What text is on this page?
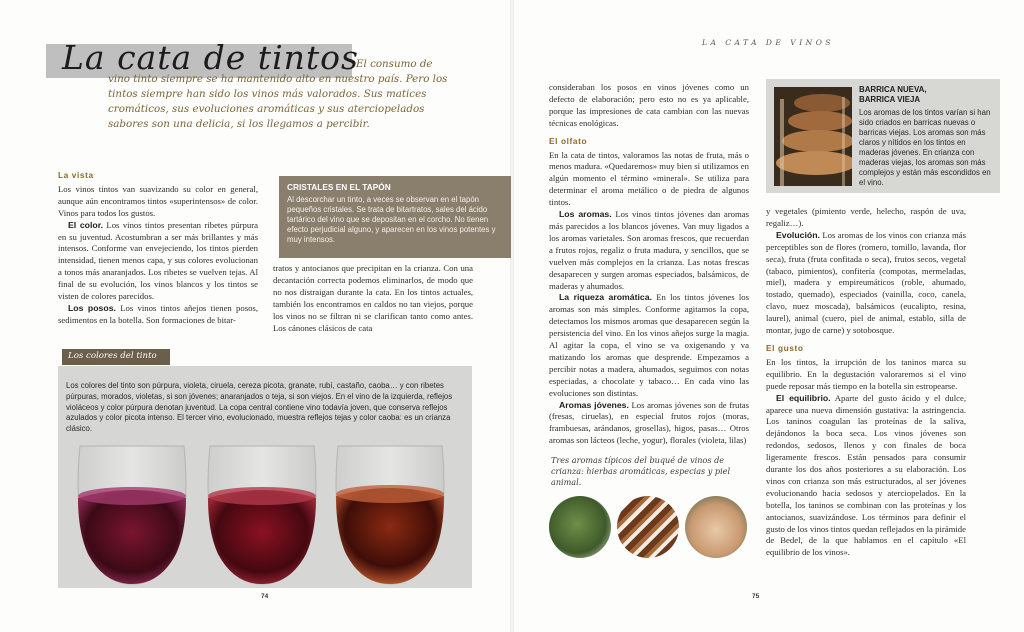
La cata de tintos
El consumo de vino tinto siempre se ha mantenido alto en nuestro país. Pero los tintos siempre han sido los vinos más valorados. Sus matices cromáticos, sus evoluciones aromáticas y sus aterciopelados sabores son una delicia, si los llegamos a percibir.
La vista

Los vinos tintos van suavizando su color en general, aunque aún encontramos tintos «superintensos» de color. Vinos para todos los gustos.

El color. Los vinos tintos presentan ribetes púrpura en su juventud. Acostumbran a ser más brillantes y más intensos. Conforme van envejeciendo, los tintos pierden intensidad, tienen menos capa, y sus colores evolucionan a tonos más anaranjados. Los ribetes se vuelven tejas. Al final de su evolución, los vinos blancos y los tintos se visten de colores parecidos.

Los posos. Los vinos tintos añejos tienen posos, sedimentos en la botella. Son formaciones de bitar-

CRISTALES EN EL TAPÓN
Al descorchar un tinto, a veces se observan en el tapón pequeños cristales. Se trata de bitartratos, sales del ácido tartárico del vino que se depositan en el corcho. No tienen efecto perjudicial alguno, y aparecen en los vinos potentes y muy intensos.

tratos y antocianos que precipitan en la crianza. Con una decantación correcta podemos eliminarlos, de modo que no nos distraigan durante la cata. En los tintos actuales, también los encontramos en caldos no tan viejos, porque los vinos no se filtran ni se clarifican tanto como antes. Los cánones clásicos de cata

Los colores del tinto
Los colores del tinto son púrpura, violeta, ciruela, cereza picota, granate, rubí, castaño, caoba… y con ribetes púrpuras, morados, violetas, si son jóvenes; anaranjados o teja, si son viejos. En el vino de la izquierda, reflejos violáceos y color púrpura denotan juventud. La copa central contiene vino todavía joven, que conserva reflejos azulados y color picota intenso. El tercer vino, evolucionado, muestra reflejos tejas y color caoba: es un crianza clásico.
74
LA CATA DE VINOS

consideraban los posos en vinos jóvenes como un defecto de elaboración; pero esto no es ya aplicable, porque las impresiones de cata cambian con las nuevas técnicas enológicas.

El olfato

En la cata de tintos, valoramos las notas de fruta, más o menos madura. «Quedaremos» muy bien si utilizamos en algún momento el término «mineral». Se utiliza para determinar el aroma metálico o de piedra de algunos tintos.

Los aromas. Los vinos tintos jóvenes dan aromas más parecidos a los blancos jóvenes. Van muy ligados a los aromas varietales. Son aromas frescos, que recuerdan a frutos rojos, regaliz o fruta madura, y sencillos, que se vuelven más complejos en la crianza. Las notas frescas desaparecen y surgen aromas especiados, balsámicos, de maderas y ahumados.

La riqueza aromática. En los tintos jóvenes los aromas son más simples. Conforme agitamos la copa, detectamos los mismos aromas que desaparecen según la persistencia del vino. En los vinos añejos surge la magia. Al agitar la copa, el vino se va oxigenando y va matizando los aromas que desprende. Empezamos a percibir notas a madera, ahumados, seguimos con notas especiadas, a chocolate y tabaco… En cada vino las evoluciones son distintas.

Aromas jóvenes. Los aromas jóvenes son de frutas (fresas, ciruelas), en especial frutos rojos (moras, frambuesas, arándanos, grosellas), higos, pasas… Otros aromas son lácteos (leche, yogur), florales (violeta, lilas)

Tres aromas típicos del buqué de vinos de crianza: hierbas aromáticas, especias y piel animal.
BARRICA NUEVA,
BARRICA VIEJA
Los aromas de los tintos varían si han sido criados en barricas nuevas o barricas viejas. Los aromas son más claros y nítidos en los tintos en maderas jóvenes. En crianza con maderas viejas, los aromas son más complejos y están más escondidos en el vino.

y vegetales (pimiento verde, helecho, raspón de uva, regaliz…).

Evolución. Los aromas de los vinos con crianza más perceptibles son de flores (romero, tomillo, lavanda, flor seca), fruta (fruta confitada o seca), frutos secos, vegetal (tabaco, pimientos), confitería (compotas, mermeladas, miel), madera y empireumáticos (roble, ahumado, tostado, quemado), especiados (vainilla, coco, canela, clavo, nuez moscada), balsámicos (eucalipto, resina, laurel), animal (cuero, piel de animal, establo, silla de montar, jugo de carne) y sotobosque.

El gusto

En los tintos, la irrupción de los taninos marca su equilibrio. En la degustación valoraremos si el vino puede reposar más tiempo en la botella sin estropearse.

El equilibrio. Aparte del gusto ácido y el dulce, aparece una nueva dimensión gustativa: la astringencia. Los taninos coagulan las proteínas de la saliva, dejándonos la boca seca. Los vinos jóvenes son redondos, sedosos, llenos y con finales de boca ligeramente frescos. Están pensados para consumir durante los dos años posteriores a su elaboración. Los vinos con crianza son más estructurados, al ser jóvenes evolucionando hacia sedosos y aterciopelados. En la botella, los taninos se combinan con las proteínas y los antocianos, suavizándose. Los términos para definir el gusto de los vinos tintos quedan reflejados en la pirámide de Bedel, de la que hablamos en el capítulo «El equilibrio de los vinos».

75
